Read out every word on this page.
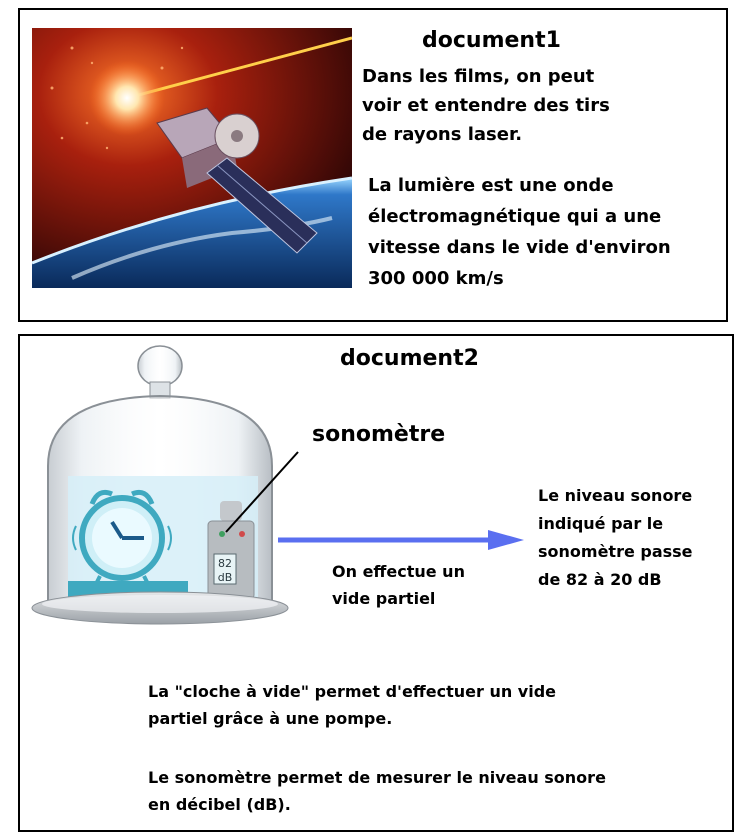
document1
Dans les films, on peut
voir et entendre des tirs
de rayons laser.
La lumière est une onde
électromagnétique qui a une
vitesse dans le vide d'environ
300 000 km/s
document2
82
dB
sonomètre
On effectue un
vide partiel
Le niveau sonore
indiqué par le
sonomètre passe
de 82 à 20 dB
La "cloche à vide" permet d'effectuer un vide
partiel grâce à une pompe.
Le sonomètre permet de mesurer le niveau sonore
en décibel (dB).
